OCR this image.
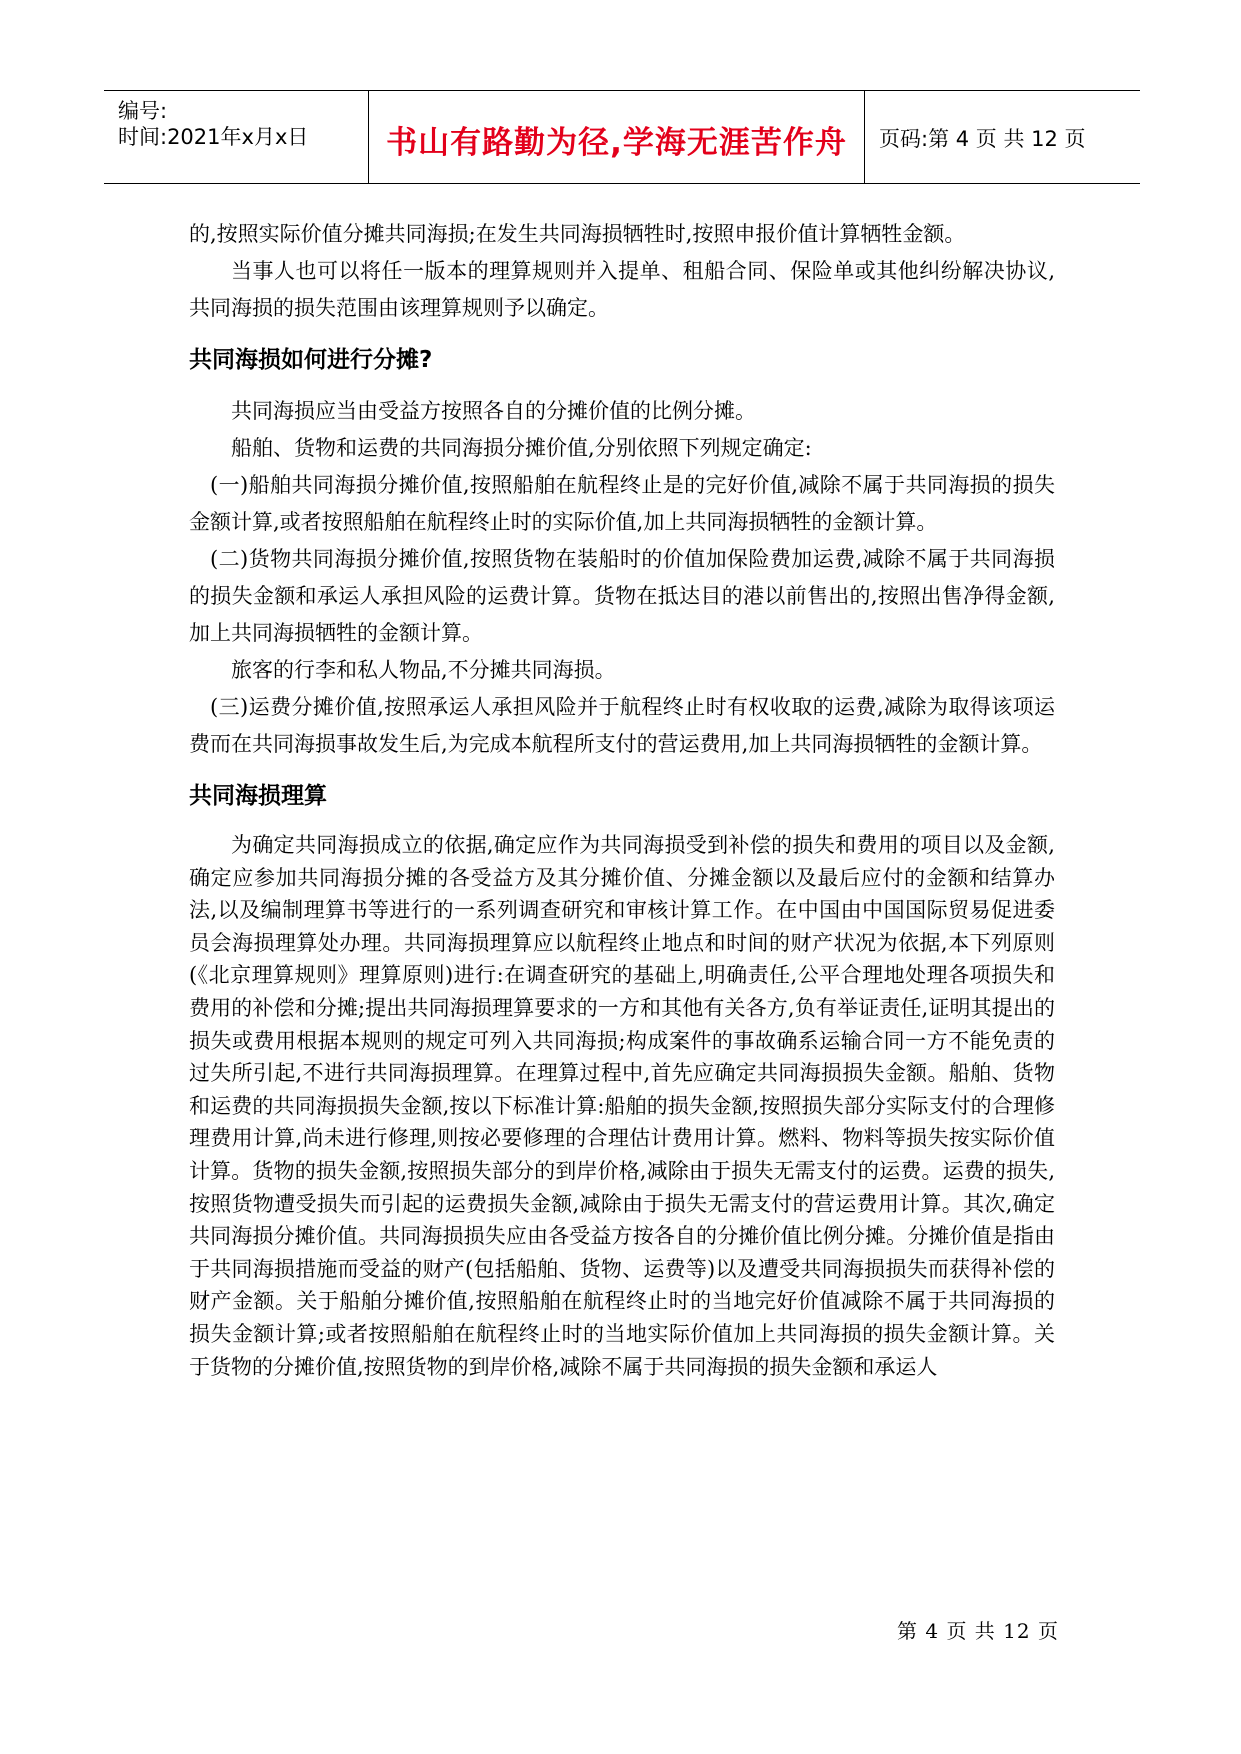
编号:
时间:2021年x月x日	书山有路勤为径,学海无涯苦作舟	页码:第 4 页 共 12 页

的,按照实际价值分摊共同海损;在发生共同海损牺牲时,按照申报价值计算牺牲金额。

当事人也可以将任一版本的理算规则并入提单、租船合同、保险单或其他纠纷解决协议,共同海损的损失范围由该理算规则予以确定。

共同海损如何进行分摊?

共同海损应当由受益方按照各自的分摊价值的比例分摊。

船舶、货物和运费的共同海损分摊价值,分别依照下列规定确定:

(一)船舶共同海损分摊价值,按照船舶在航程终止是的完好价值,减除不属于共同海损的损失金额计算,或者按照船舶在航程终止时的实际价值,加上共同海损牺牲的金额计算。

(二)货物共同海损分摊价值,按照货物在装船时的价值加保险费加运费,减除不属于共同海损的损失金额和承运人承担风险的运费计算。货物在抵达目的港以前售出的,按照出售净得金额,加上共同海损牺牲的金额计算。

旅客的行李和私人物品,不分摊共同海损。

(三)运费分摊价值,按照承运人承担风险并于航程终止时有权收取的运费,减除为取得该项运费而在共同海损事故发生后,为完成本航程所支付的营运费用,加上共同海损牺牲的金额计算。

共同海损理算

为确定共同海损成立的依据,确定应作为共同海损受到补偿的损失和费用的项目以及金额,确定应参加共同海损分摊的各受益方及其分摊价值、分摊金额以及最后应付的金额和结算办法,以及编制理算书等进行的一系列调查研究和审核计算工作。在中国由中国国际贸易促进委员会海损理算处办理。共同海损理算应以航程终止地点和时间的财产状况为依据,本下列原则(《北京理算规则》理算原则)进行:在调查研究的基础上,明确责任,公平合理地处理各项损失和费用的补偿和分摊;提出共同海损理算要求的一方和其他有关各方,负有举证责任,证明其提出的损失或费用根据本规则的规定可列入共同海损;构成案件的事故确系运输合同一方不能免责的过失所引起,不进行共同海损理算。在理算过程中,首先应确定共同海损损失金额。船舶、货物和运费的共同海损损失金额,按以下标准计算:船舶的损失金额,按照损失部分实际支付的合理修理费用计算,尚未进行修理,则按必要修理的合理估计费用计算。燃料、物料等损失按实际价值计算。货物的损失金额,按照损失部分的到岸价格,减除由于损失无需支付的运费。运费的损失,按照货物遭受损失而引起的运费损失金额,减除由于损失无需支付的营运费用计算。其次,确定共同海损分摊价值。共同海损损失应由各受益方按各自的分摊价值比例分摊。分摊价值是指由于共同海损措施而受益的财产(包括船舶、货物、运费等)以及遭受共同海损损失而获得补偿的财产金额。关于船舶分摊价值,按照船舶在航程终止时的当地完好价值减除不属于共同海损的损失金额计算;或者按照船舶在航程终止时的当地实际价值加上共同海损的损失金额计算。关于货物的分摊价值,按照货物的到岸价格,减除不属于共同海损的损失金额和承运人

第 4 页 共 12 页
